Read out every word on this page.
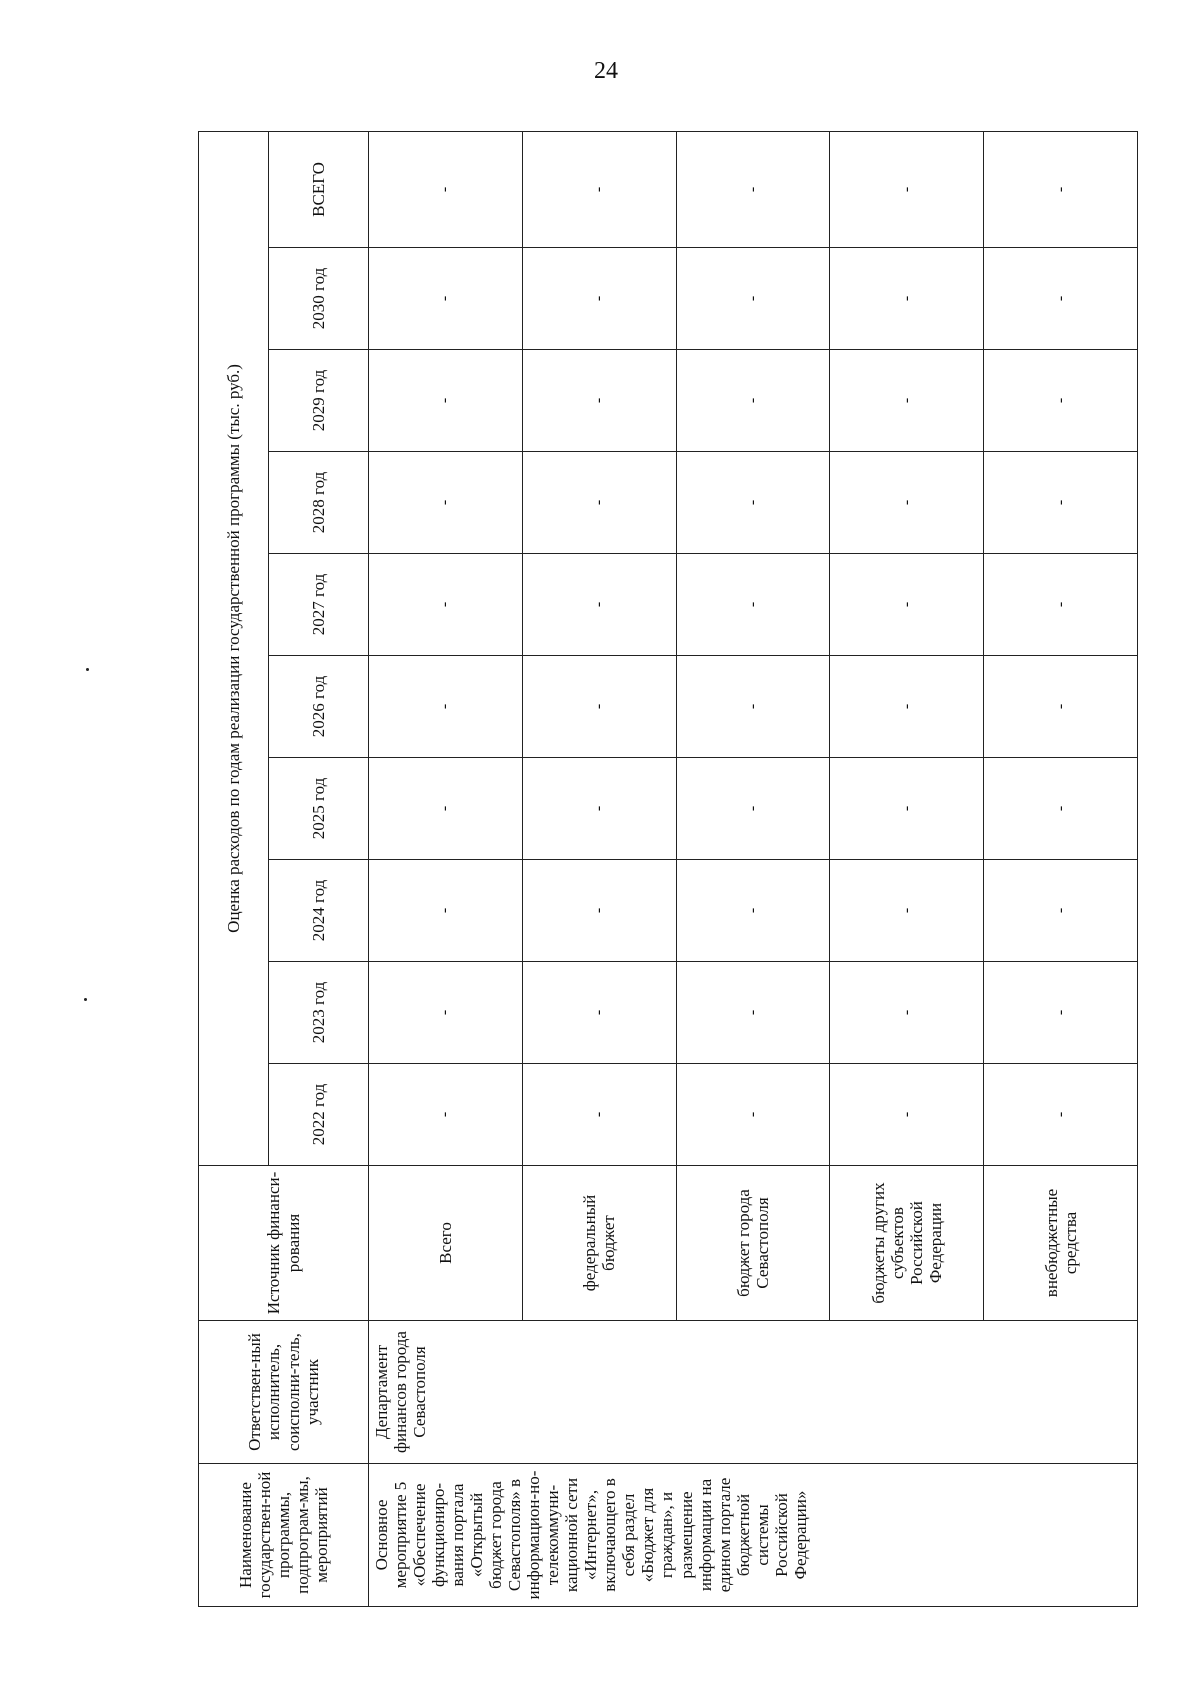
24
Наименование государствен-ной программы, подпрограм-мы, мероприятий	Ответствен-ный исполнитель, соисполни-тель, участник	Источник финанси-рования	Оценка расходов по годам реализации государственной программы (тыс. руб.)									
			2022 год	2023 год	2024 год	2025 год	2026 год	2027 год	2028 год	2029 год	2030 год	ВСЕГО
Основное мероприятие 5 «Обеспечение функциониро-вания портала «Открытый бюджет города Севастополя» в информацион-но-телекоммуни-кационной сети «Интернет», включающего в себя раздел «Бюджет для граждан», и размещение информации на едином портале бюджетной системы Российской Федерации»	Департамент финансов города Севастополя	Всего	-	-	-	-	-	-	-	-	-	-
		федеральный бюджет	-	-	-	-	-	-	-	-	-	-
		бюджет города Севастополя	-	-	-	-	-	-	-	-	-	-
		бюджеты других субъектов Российской Федерации	-	-	-	-	-	-	-	-	-	-
		внебюджетные средства	-	-	-	-	-	-	-	-	-	-
